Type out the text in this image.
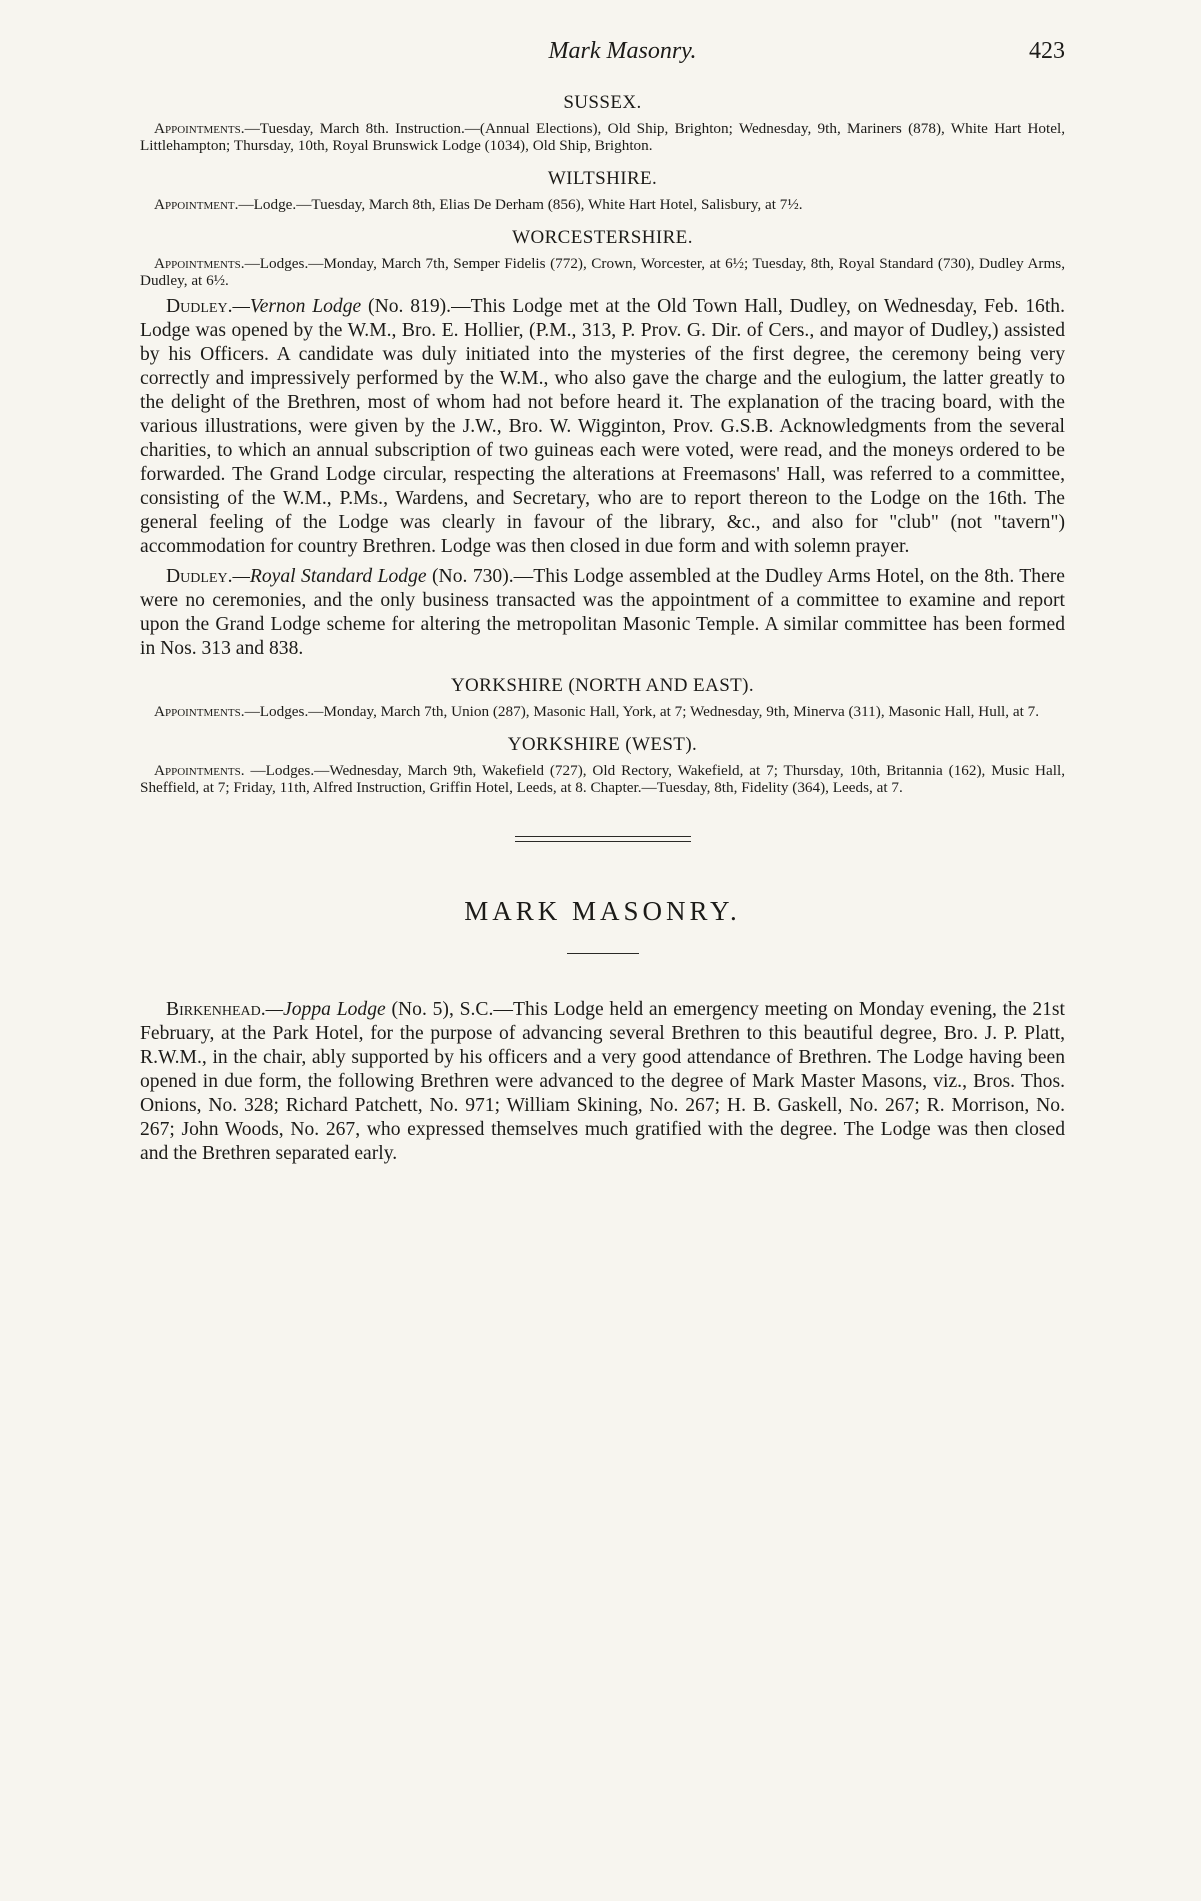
Mark Masonry.	423
SUSSEX.

Appointments.—Tuesday, March 8th. Instruction.—(Annual Elections), Old Ship, Brighton; Wednesday, 9th, Mariners (878), White Hart Hotel, Littlehampton; Thursday, 10th, Royal Brunswick Lodge (1034), Old Ship, Brighton.

WILTSHIRE.

Appointment.—Lodge.—Tuesday, March 8th, Elias De Derham (856), White Hart Hotel, Salisbury, at 7½.

WORCESTERSHIRE.

Appointments.—Lodges.—Monday, March 7th, Semper Fidelis (772), Crown, Worcester, at 6½; Tuesday, 8th, Royal Standard (730), Dudley Arms, Dudley, at 6½.

Dudley.—Vernon Lodge (No. 819).—This Lodge met at the Old Town Hall, Dudley, on Wednesday, Feb. 16th. Lodge was opened by the W.M., Bro. E. Hollier, (P.M., 313, P. Prov. G. Dir. of Cers., and mayor of Dudley,) assisted by his Officers. A candidate was duly initiated into the mysteries of the first degree, the ceremony being very correctly and impressively performed by the W.M., who also gave the charge and the eulogium, the latter greatly to the delight of the Brethren, most of whom had not before heard it. The explanation of the tracing board, with the various illustrations, were given by the J.W., Bro. W. Wigginton, Prov. G.S.B. Acknowledgments from the several charities, to which an annual subscription of two guineas each were voted, were read, and the moneys ordered to be forwarded. The Grand Lodge circular, respecting the alterations at Freemasons' Hall, was referred to a committee, consisting of the W.M., P.Ms., Wardens, and Secretary, who are to report thereon to the Lodge on the 16th. The general feeling of the Lodge was clearly in favour of the library, &c., and also for "club" (not "tavern") accommodation for country Brethren. Lodge was then closed in due form and with solemn prayer.

Dudley.—Royal Standard Lodge (No. 730).—This Lodge assembled at the Dudley Arms Hotel, on the 8th. There were no ceremonies, and the only business transacted was the appointment of a committee to examine and report upon the Grand Lodge scheme for altering the metropolitan Masonic Temple. A similar committee has been formed in Nos. 313 and 838.

YORKSHIRE (NORTH AND EAST).

Appointments.—Lodges.—Monday, March 7th, Union (287), Masonic Hall, York, at 7; Wednesday, 9th, Minerva (311), Masonic Hall, Hull, at 7.

YORKSHIRE (WEST).

Appointments. —Lodges.—Wednesday, March 9th, Wakefield (727), Old Rectory, Wakefield, at 7; Thursday, 10th, Britannia (162), Music Hall, Sheffield, at 7; Friday, 11th, Alfred Instruction, Griffin Hotel, Leeds, at 8. Chapter.—Tuesday, 8th, Fidelity (364), Leeds, at 7.

MARK MASONRY.

Birkenhead.—Joppa Lodge (No. 5), S.C.—This Lodge held an emergency meeting on Monday evening, the 21st February, at the Park Hotel, for the purpose of advancing several Brethren to this beautiful degree, Bro. J. P. Platt, R.W.M., in the chair, ably supported by his officers and a very good attendance of Brethren. The Lodge having been opened in due form, the following Brethren were advanced to the degree of Mark Master Masons, viz., Bros. Thos. Onions, No. 328; Richard Patchett, No. 971; William Skining, No. 267; H. B. Gaskell, No. 267; R. Morrison, No. 267; John Woods, No. 267, who expressed themselves much gratified with the degree. The Lodge was then closed and the Brethren separated early.
